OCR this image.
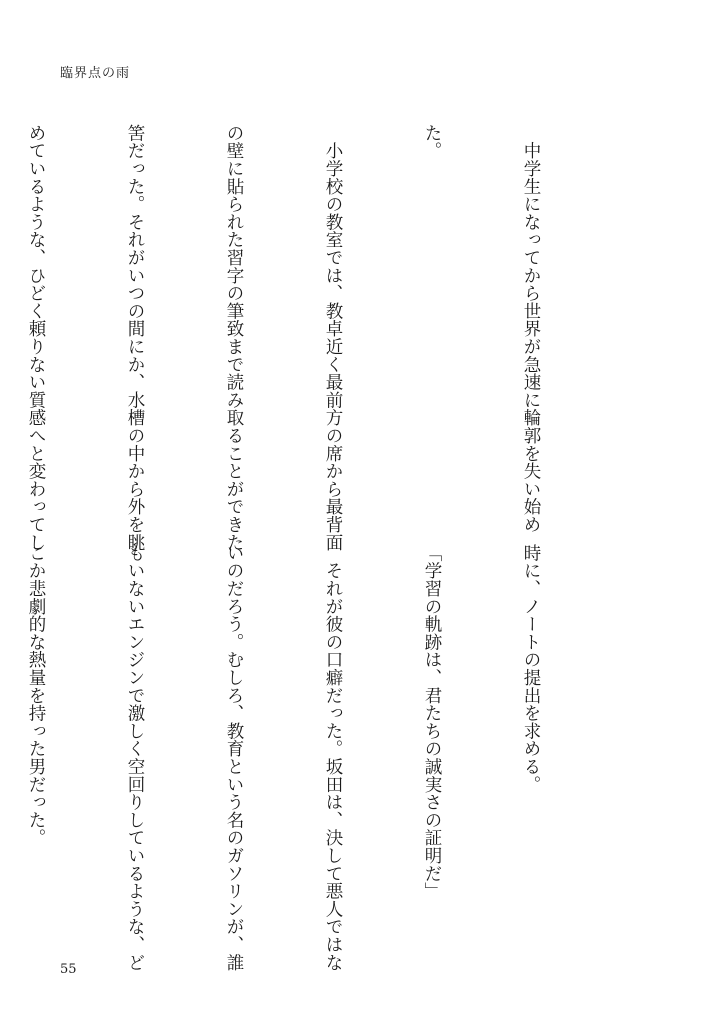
臨界点の雨

　中学生になってから世界が急速に輪郭を失い始め

た。

　小学校の教室では、教卓近く最前方の席から最背面

の壁に貼られた習字の筆致まで読み取ることができた

筈だった。それがいつの間にか、水槽の中から外を眺

めているような、ひどく頼りない質感へと変わってし

時に、ノートの提出を求める。

「学習の軌跡は、君たちの誠実さの証明だ」

　それが彼の口癖だった。坂田は、決して悪人ではな

いのだろう。むしろ、教育という名のガソリンが、誰

もいないエンジンで激しく空回りしているような、ど

こか悲劇的な熱量を持った男だった。

55
